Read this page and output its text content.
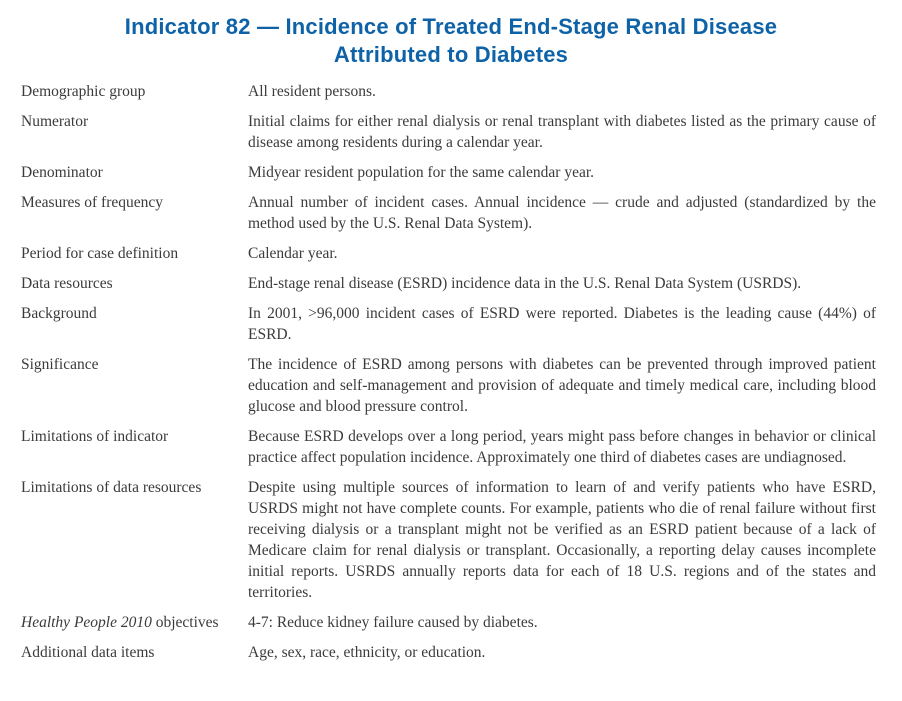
Indicator 82 — Incidence of Treated End-Stage Renal Disease
Attributed to Diabetes
Demographic group	All resident persons.
Numerator	Initial claims for either renal dialysis or renal transplant with diabetes listed as the primary cause of disease among residents during a calendar year.
Denominator	Midyear resident population for the same calendar year.
Measures of frequency	Annual number of incident cases. Annual incidence — crude and adjusted (standardized by the method used by the U.S. Renal Data System).
Period for case definition	Calendar year.
Data resources	End-stage renal disease (ESRD) incidence data in the U.S. Renal Data System (USRDS).
Background	In 2001, >96,000 incident cases of ESRD were reported. Diabetes is the leading cause (44%) of ESRD.
Significance	The incidence of ESRD among persons with diabetes can be prevented through improved patient education and self-management and provision of adequate and timely medical care, including blood glucose and blood pressure control.
Limitations of indicator	Because ESRD develops over a long period, years might pass before changes in behavior or clinical practice affect population incidence. Approximately one third of diabetes cases are undiagnosed.
Limitations of data resources	Despite using multiple sources of information to learn of and verify patients who have ESRD, USRDS might not have complete counts. For example, patients who die of renal failure without first receiving dialysis or a transplant might not be verified as an ESRD patient because of a lack of Medicare claim for renal dialysis or transplant. Occasionally, a reporting delay causes incomplete initial reports. USRDS annually reports data for each of 18 U.S. regions and of the states and territories.
Healthy People 2010 objectives	4-7: Reduce kidney failure caused by diabetes.
Additional data items	Age, sex, race, ethnicity, or education.
